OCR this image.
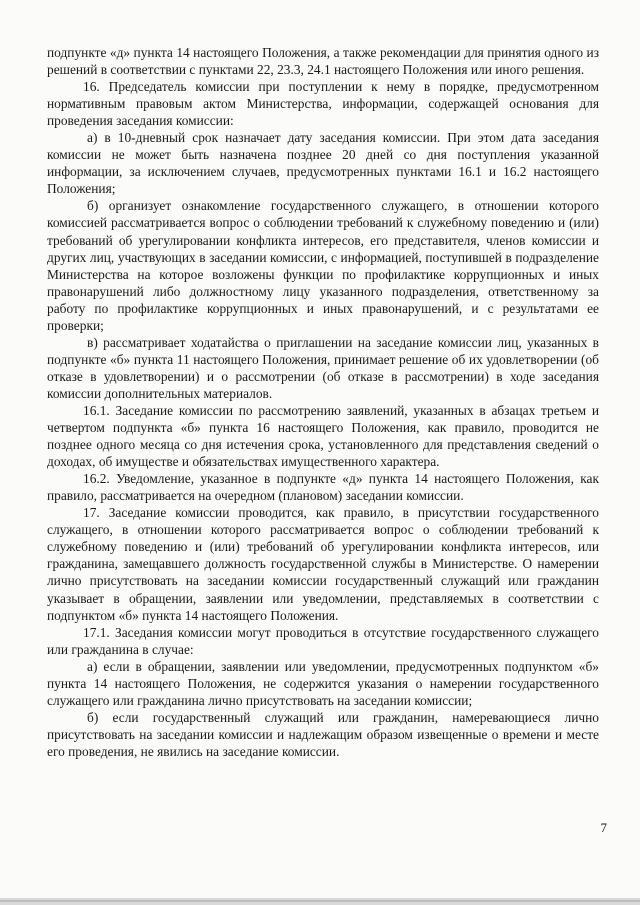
подпункте «д» пункта 14 настоящего Положения, а также рекомендации для принятия одного из решений в соответствии с пунктами 22, 23.3, 24.1 настоящего Положения или иного решения.

16. Председатель комиссии при поступлении к нему в порядке, предусмотренном нормативным правовым актом Министерства, информации, содержащей основания для проведения заседания комиссии:

а) в 10-дневный срок назначает дату заседания комиссии. При этом дата заседания комиссии не может быть назначена позднее 20 дней со дня поступления указанной информации, за исключением случаев, предусмотренных пунктами 16.1 и 16.2 настоящего Положения;

б) организует ознакомление государственного служащего, в отношении которого комиссией рассматривается вопрос о соблюдении требований к служебному поведению и (или) требований об урегулировании конфликта интересов, его представителя, членов комиссии и других лиц, участвующих в заседании комиссии, с информацией, поступившей в подразделение Министерства на которое возложены функции по профилактике коррупционных и иных правонарушений либо должностному лицу указанного подразделения, ответственному за работу по профилактике коррупционных и иных правонарушений, и с результатами ее проверки;

в) рассматривает ходатайства о приглашении на заседание комиссии лиц, указанных в подпункте «б» пункта 11 настоящего Положения, принимает решение об их удовлетворении (об отказе в удовлетворении) и о рассмотрении (об отказе в рассмотрении) в ходе заседания комиссии дополнительных материалов.

16.1. Заседание комиссии по рассмотрению заявлений, указанных в абзацах третьем и четвертом подпункта «б» пункта 16 настоящего Положения, как правило, проводится не позднее одного месяца со дня истечения срока, установленного для представления сведений о доходах, об имуществе и обязательствах имущественного характера.

16.2. Уведомление, указанное в подпункте «д» пункта 14 настоящего Положения, как правило, рассматривается на очередном (плановом) заседании комиссии.

17. Заседание комиссии проводится, как правило, в присутствии государственного служащего, в отношении которого рассматривается вопрос о соблюдении требований к служебному поведению и (или) требований об урегулировании конфликта интересов, или гражданина, замещавшего должность государственной службы в Министерстве. О намерении лично присутствовать на заседании комиссии государственный служащий или гражданин указывает в обращении, заявлении или уведомлении, представляемых в соответствии с подпунктом «б» пункта 14 настоящего Положения.

17.1. Заседания комиссии могут проводиться в отсутствие государственного служащего или гражданина в случае:

а) если в обращении, заявлении или уведомлении, предусмотренных подпунктом «б» пункта 14 настоящего Положения, не содержится указания о намерении государственного служащего или гражданина лично присутствовать на заседании комиссии;

б) если государственный служащий или гражданин, намеревающиеся лично присутствовать на заседании комиссии и надлежащим образом извещенные о времени и месте его проведения, не явились на заседание комиссии.

7
